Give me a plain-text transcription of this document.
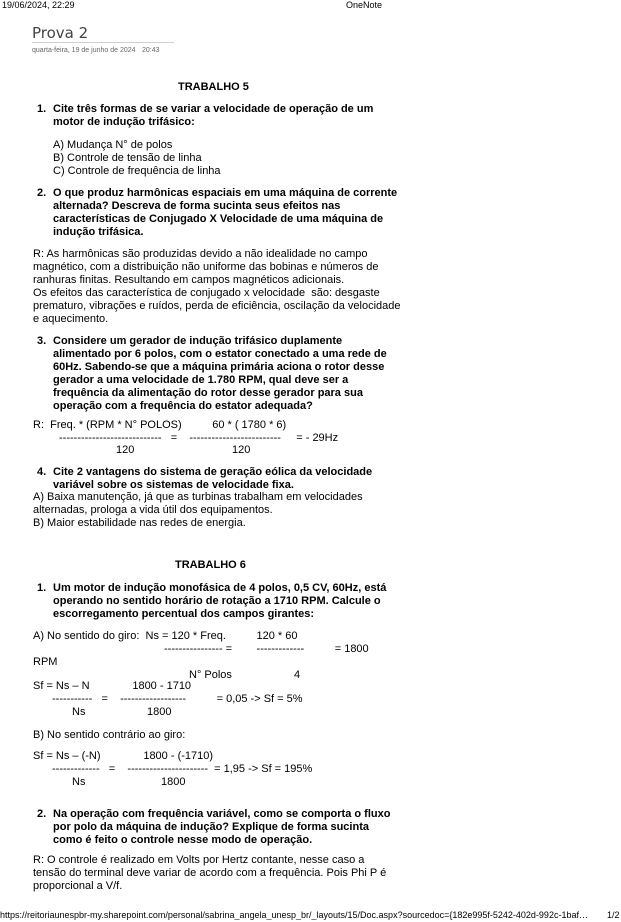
19/06/2024, 22:29	OneNote
Prova 2
quarta-feira, 19 de junho de 2024 20:43
TRABALHO 5
1. Cite três formas de se variar a velocidade de operação de um
motor de indução trifásico:
A) Mudança N° de polos
B) Controle de tensão de linha
C) Controle de frequência de linha
2. O que produz harmônicas espaciais em uma máquina de corrente
alternada? Descreva de forma sucinta seus efeitos nas
características de Conjugado X Velocidade de uma máquina de
indução trifásica.
R: As harmônicas são produzidas devido a não idealidade no campo
magnético, com a distribuição não uniforme das bobinas e números de
ranhuras finitas. Resultando em campos magnéticos adicionais.
Os efeitos das característica de conjugado x velocidade  são: desgaste
prematuro, vibrações e ruídos, perda de eficiência, oscilação da velocidade
e aquecimento.
3. Considere um gerador de indução trifásico duplamente
alimentado por 6 polos, com o estator conectado a uma rede de
60Hz. Sabendo-se que a máquina primária aciona o rotor desse
gerador a uma velocidade de 1.780 RPM, qual deve ser a
frequência da alimentação do rotor desse gerador para sua
operação com a frequência do estator adequada?
R:  Freq. * (RPM * N° POLOS)          60 * ( 1780 * 6)
----------------------------   =    -------------------------     = - 29Hz
120	120
4. Cite 2 vantagens do sistema de geração eólica da velocidade
variável sobre os sistemas de velocidade fixa.
A) Baixa manutenção, já que as turbinas trabalham em velocidades
alternadas, prologa a vida útil dos equipamentos.
B) Maior estabilidade nas redes de energia.
TRABALHO 6
1. Um motor de indução monofásica de 4 polos, 0,5 CV, 60Hz, está
operando no sentido horário de rotação a 1710 RPM. Calcule o
escorregamento percentual dos campos girantes:
A) No sentido do giro:  Ns = 120 * Freq.          120 * 60
---------------- =        -------------          = 1800
RPM
N° Polos	4
Sf = Ns – N              1800 - 1710
-----------   =    ------------------          = 0,05 -> Sf = 5%
Ns	1800
B) No sentido contrário ao giro:
Sf = Ns – (-N)              1800 - (-1710)
-------------   =    ----------------------  = 1,95 -> Sf = 195%
Ns	1800
2. Na operação com frequência variável, como se comporta o fluxo
por polo da máquina de indução? Explique de forma sucinta
como é feito o controle nesse modo de operação.
R: O controle é realizado em Volts por Hertz contante, nesse caso a
tensão do terminal deve variar de acordo com a frequência. Pois Phi P é
proporcional a V/f.
https://reitoriaunespbr-my.sharepoint.com/personal/sabrina_angela_unesp_br/_layouts/15/Doc.aspx?sourcedoc={182e995f-5242-402d-992c-1baf… 1/2
